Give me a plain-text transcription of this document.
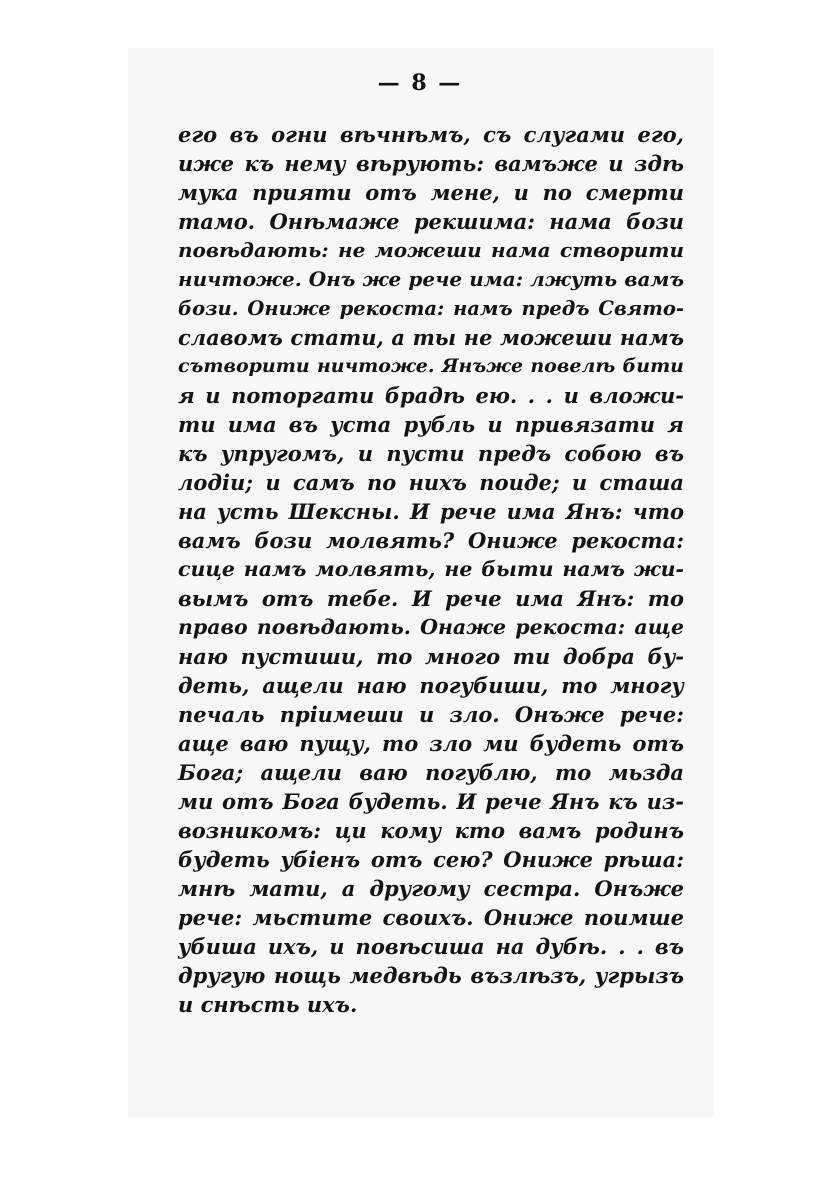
— 8 —
его въ огни вѣчнѣмъ, съ слугами его,
иже къ нему вѣрують: вамъже и здѣ
мука прияти отъ мене, и по смерти
тамо. Онѣмаже рекшима: нама бози
повѣдають: не можеши нама створити
ничтоже. Онъ же рече има: лжуть вамъ
бози. Ониже рекоста: намъ предъ Свято-
славомъ стати, а ты не можеши намъ
сътворити ничтоже. Янъже повелѣ бити
я и поторгати брадѣ ею. . . и вложи-
ти има въ уста рубль и привязати я
къ упругомъ, и пусти предъ собою въ
лодіи; и самъ по нихъ поиде; и сташа
на усть Шексны. И рече има Янъ: что
вамъ бози молвять? Ониже рекоста:
сице намъ молвять, не быти намъ жи-
вымъ отъ тебе. И рече има Янъ: то
право повѣдають. Онаже рекоста: аще
наю пустиши, то много ти добра бу-
деть, ащели наю погубиши, то многу
печаль пріимеши и зло. Онъже рече:
аще ваю пущу, то зло ми будеть отъ
Бога; ащели ваю погублю, то мьзда
ми отъ Бога будеть. И рече Янъ къ из-
возникомъ: ци кому кто вамъ родинъ
будеть убіенъ отъ сею? Ониже рѣша:
мнѣ мати, а другому сестра. Онъже
рече: мьстите своихъ. Ониже поимше
убиша ихъ, и повѣсиша на дубѣ. . . въ
другую нощь медвѣдь възлѣзъ, угрызъ
и снѣсть ихъ.
